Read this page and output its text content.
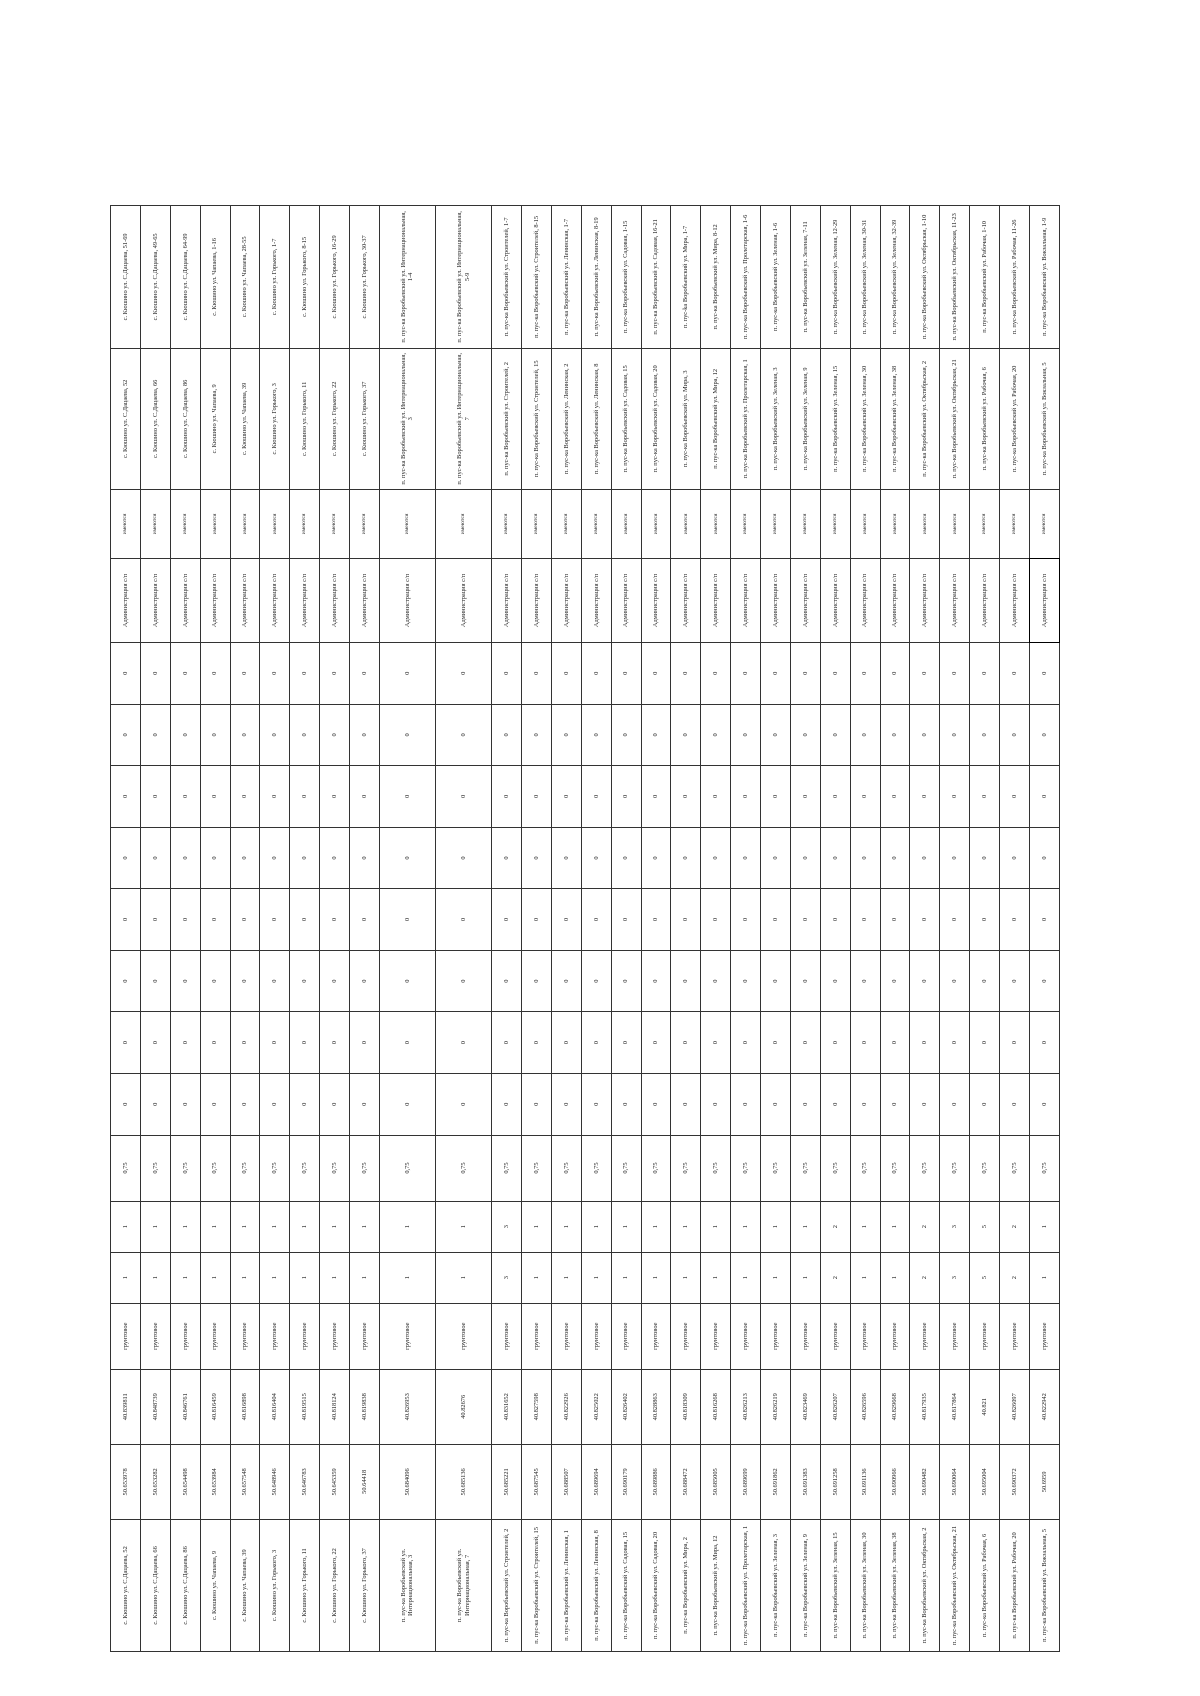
с. Кюшино ул. С.Дацаева, 52	50.653978	40.839811	грунтовое	1	1	0,75	0	0	0	0	0	0	0	0	Администрация с/п	имеются	с. Кюшино ул. С.Дацаева, 52	с. Кюшино ул. С.Дацаева, 51-69
с. Кюшино ул. С.Дацаева, 66	50.653282	40.848739	грунтовое	1	1	0,75	0	0	0	0	0	0	0	0	Администрация с/п	имеются	с. Кюшино ул. С.Дацаева, 66	с. Кюшино ул. С.Дацаева, 49-65
с. Кюшино ул. С.Дацаева, 86	50.654498	40.846761	грунтовое	1	1	0,75	0	0	0	0	0	0	0	0	Администрация с/п	имеются	с. Кюшино ул. С.Дацаева, 86	с. Кюшино ул. С.Дацаева, 64-99
с. Кюшино ул. Чапаева, 9	50.653984	40.816459	грунтовое	1	1	0,75	0	0	0	0	0	0	0	0	Администрация с/п	имеются	с. Кюшино ул. Чапаева, 9	с. Кюшино ул. Чапаева, 1-16
с. Кюшино ул. Чапаева, 39	50.657548	40.816898	грунтовое	1	1	0,75	0	0	0	0	0	0	0	0	Администрация с/п	имеются	с. Кюшино ул. Чапаева, 39	с. Кюшино ул. Чапаева, 28-55
с. Кюшино ул. Горького, 3	50.648946	40.816404	грунтовое	1	1	0,75	0	0	0	0	0	0	0	0	Администрация с/п	имеются	с. Кюшино ул. Горького, 3	с. Кюшино ул. Горького, 1-7
с. Кюшино ул. Горького, 11	50.646783	40.819515	грунтовое	1	1	0,75	0	0	0	0	0	0	0	0	Администрация с/п	имеются	с. Кюшино ул. Горького, 11	с. Кюшино ул. Горького, 8-15
с. Кюшино ул. Горького, 22	50.645359	40.818124	грунтовое	1	1	0,75	0	0	0	0	0	0	0	0	Администрация с/п	имеются	с. Кюшино ул. Горького, 22	с. Кюшино ул. Горького, 16-29
с. Кюшино ул. Горького, 37	50.64418	40.819838	грунтовое	1	1	0,75	0	0	0	0	0	0	0	0	Администрация с/п	имеются	с. Кюшино ул. Горького, 37	с. Кюшино ул. Горького, 30-37
п. пус-ка Воробьевский ул. Интернациональная, 3	50.684096	40.826953	грунтовое	1	1	0,75	0	0	0	0	0	0	0	0	Администрация с/п	имеются	п. пус-ка Воробьевский ул. Интернациональная, 3	п. пус-ка Воробьевский ул. Интернациональная, 1-4
п. пус-ка Воробьевский ул. Интернациональная, 7	50.685136	40.82676	грунтовое	1	1	0,75	0	0	0	0	0	0	0	0	Администрация с/п	имеются	п. пус-ка Воробьевский ул. Интернациональная, 7	п. пус-ка Воробьевский ул. Интернациональная, 5-9
п. пус-ка Воробьевский ул. Строителей, 2	50.685221	40.831652	грунтовое	3	3	0,75	0	0	0	0	0	0	0	0	Администрация с/п	имеются	п. пус-ка Воробьевский ул. Строителей, 2	п. пус-ка Воробьевский ул. Строителей, 1-7
п. пус-ка Воробьевский ул. Строителей, 15	50.687545	40.827598	грунтовое	1	1	0,75	0	0	0	0	0	0	0	0	Администрация с/п	имеются	п. пус-ка Воробьевский ул. Строителей, 15	п. пус-ка Воробьевский ул. Строителей, 8-15
п. пус-ка Воробьевский ул. Ленинская, 1	50.688507	40.822926	грунтовое	1	1	0,75	0	0	0	0	0	0	0	0	Администрация с/п	имеются	п. пус-ка Воробьевский ул. Ленинская, 2	п. пус-ка Воробьевский ул. Ленинская, 1-7
п. пус-ка Воробьевский ул. Ленинская, 8	50.689694	40.825022	грунтовое	1	1	0,75	0	0	0	0	0	0	0	0	Администрация с/п	имеются	п. пус-ка Воробьевский ул. Ленинская, 8	п. пус-ка Воробьевский ул. Ленинская, 8-19
п. пус-ка Воробьевский ул. Садовая, 15	50.690179	40.826402	грунтовое	1	1	0,75	0	0	0	0	0	0	0	0	Администрация с/п	имеются	п. пус-ка Воробьевский ул. Садовая, 15	п. пус-ка Воробьевский ул. Садовая, 1-15
п. пус-ка Воробьевский ул. Садовая, 20	50.689886	40.828863	грунтовое	1	1	0,75	0	0	0	0	0	0	0	0	Администрация с/п	имеются	п. пус-ка Воробьевский ул. Садовая, 20	п. пус-ка Воробьевский ул. Садовая, 16-21
п. пус-ка Воробьевский ул. Мира, 2	50.688472	40.818309	грунтовое	1	1	0,75	0	0	0	0	0	0	0	0	Администрация с/п	имеются	п. пус-ка Воробьевский ул. Мира, 3	п. пус-ka Воробьевский ул. Мира, 1-7
п. пус-ка Воробьевский ул. Мира, 12	50.685005	40.816268	грунтовое	1	1	0,75	0	0	0	0	0	0	0	0	Администрация с/п	имеются	п. пус-ка Воробьевский ул. Мира, 12	п. пус-ка Воробьевский ул. Мира, 8-12
п. пус-ка Воробьевский ул. Пролетарская, 1	50.689699	40.826213	грунтовое	1	1	0,75	0	0	0	0	0	0	0	0	Администрация с/п	имеются	п. пус-ка Воробьевский ул. Пролетарская, 1	п. пус-ка Воробьевский ул. Пролетарская, 1-6
п. пус-ка Воробьевский ул. Зеленая, 3	50.691862	40.826219	грунтовое	1	1	0,75	0	0	0	0	0	0	0	0	Администрация с/п	имеются	п. пус-ка Воробьевский ул. Зеленая, 3	п. пус-ка Воробьевский ул. Зеленая, 1-6
п. пус-ка Воробьевский ул. Зеленая, 9	50.691383	40.823469	грунтовое	1	1	0,75	0	0	0	0	0	0	0	0	Администрация с/п	имеются	п. пус-ка Воробьевский ул. Зеленая, 9	п. пус-ка Воробьевский ул. Зеленая, 7-11
п. пус-ка Воробьевский ул. Зеленая, 15	50.691258	40.826207	грунтовое	2	2	0,75	0	0	0	0	0	0	0	0	Администрация с/п	имеются	п. пус-ка Воробьевский ул. Зеленая, 15	п. пус-ка Воробьевский ул. Зеленая, 12-29
п. пус-ка Воробьевский ул. Зеленая, 30	50.691136	40.826596	грунтовое	1	1	0,75	0	0	0	0	0	0	0	0	Администрация с/п	имеются	п. пус-ка Воробьевский ул. Зеленая, 30	п. пус-ка Воробьевский ул. Зеленая, 30-31
п. пус-ка Воробьевский ул. Зеленая, 38	50.690966	40.829668	грунтовое	1	1	0,75	0	0	0	0	0	0	0	0	Администрация с/п	имеются	п. пус-ка Воробьевский ул. Зеленая, 38	п. пус-ка Воробьевский ул. Зеленая, 32-39
п. пус-ка Воробьевский ул. Октябрьская, 2	50.690482	40.817935	грунтовое	2	2	0,75	0	0	0	0	0	0	0	0	Администрация с/п	имеются	п. пус-ка Воробьевский ул. Октябрьская, 2	п. пус-ка Воробьевский ул. Октябрьская, 1-10
п. пус-ка Воробьевский ул. Октябрьская, 21	50.690064	40.817864	грунтовое	3	3	0,75	0	0	0	0	0	0	0	0	Администрация с/п	имеются	п. пус-ка Воробьевский ул. Октябрьская, 21	п. пус-ка Воробьевский ул. Октябрьская, 11-23
п. пус-ка Воробьевский ул. Рабочая, 6	50.695004	40.821	грунтовое	5	5	0,75	0	0	0	0	0	0	0	0	Администрация с/п	имеются	п. пус-ка Воробьевский ул. Рабочая, 6	п. пус-ка Воробьевский ул. Рабочая, 1-10
п. пус-ка Воробьевский ул. Рабочая, 20	50.690372	40.826097	грунтовое	2	2	0,75	0	0	0	0	0	0	0	0	Администрация с/п	имеются	п. пус-ка Воробьевский ул. Рабочая, 20	п. пус-ка Воробьевский ул. Рабочая, 11-26
п. пус-ка Воробьевский ул. Вокзальная, 5	50.6959	40.822942	грунтовое	1	1	0,75	0	0	0	0	0	0	0	0	Администрация с/п	имеются	п. пус-ка Воробьевский ул. Вокзальная, 5	п. пус-ка Воробьевский ул. Вокзальная, 1-9
